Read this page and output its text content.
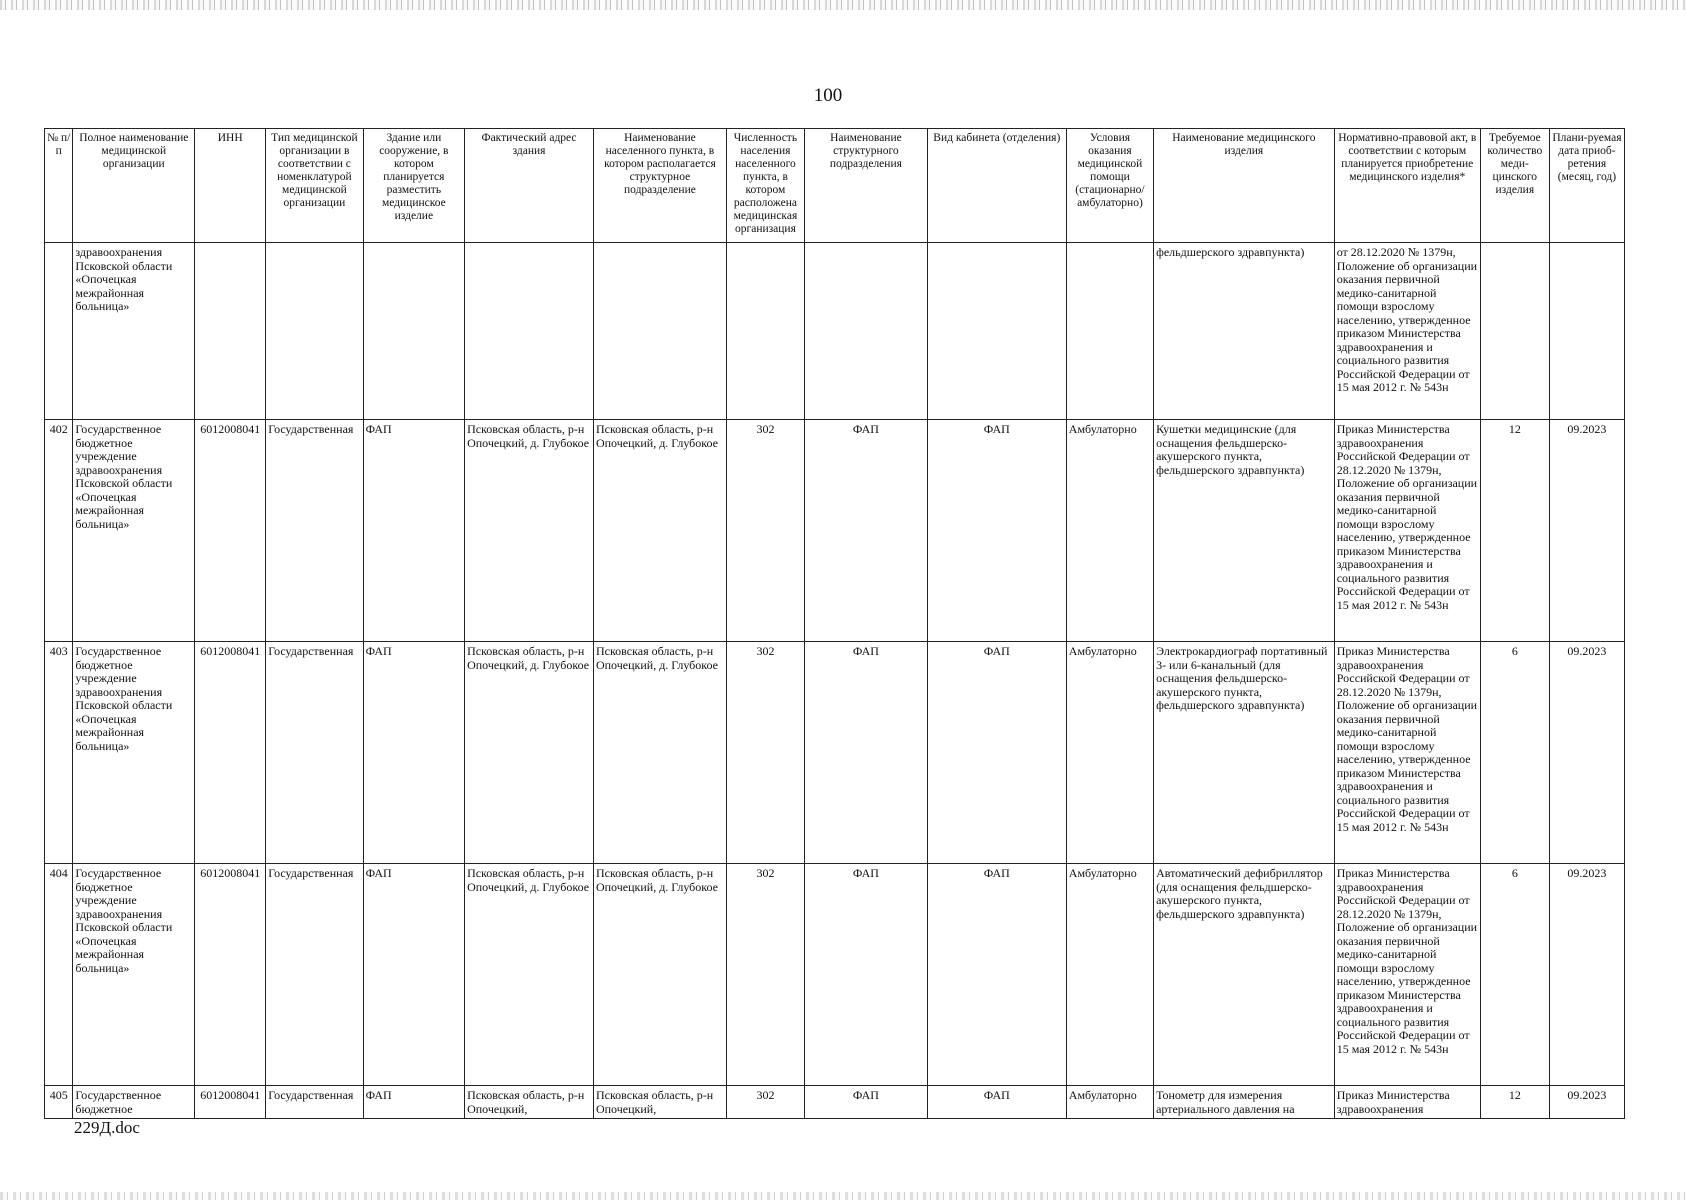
100
№ п/п	Полное наименование медицинской организации	ИНН	Тип медицинской организации в соответствии с номенклатурой медицинской организации	Здание или сооружение, в котором планируется разместить медицинское изделие	Фактический адрес здания	Наименование населенного пункта, в котором располагается структурное подразделение	Численность населения населенного пункта, в котором расположена медицинская организация	Наименование структурного подразделения	Вид кабинета (отделения)	Условия оказания медицинской помощи (стационарно/ амбулаторно)	Наименование медицинского изделия	Нормативно-правовой акт, в соответствии с которым планируется приобретение медицинского изделия*	Требуемое количество меди-цинского изделия	Плани-руемая дата приоб-ретения (месяц, год)
	здравоохранения Псковской области «Опочецкая межрайонная больница»										фельдшерского здравпункта)	от 28.12.2020 № 1379н, Положение об организации оказания первичной медико-санитарной помощи взрослому населению, утвержденное приказом Министерства здравоохранения и социального развития Российской Федерации от 15 мая 2012 г. № 543н		
402	Государственное бюджетное учреждение здравоохранения Псковской области «Опочецкая межрайонная больница»	6012008041	Государственная	ФАП	Псковская область, р-н Опочецкий, д. Глубокое	Псковская область, р-н Опочецкий, д. Глубокое	302	ФАП	ФАП	Амбулаторно	Кушетки медицинские (для оснащения фельдшерско-акушерского пункта, фельдшерского здравпункта)	Приказ Министерства здравоохранения Российской Федерации от 28.12.2020 № 1379н, Положение об организации оказания первичной медико-санитарной помощи взрослому населению, утвержденное приказом Министерства здравоохранения и социального развития Российской Федерации от 15 мая 2012 г. № 543н	12	09.2023
403	Государственное бюджетное учреждение здравоохранения Псковской области «Опочецкая межрайонная больница»	6012008041	Государственная	ФАП	Псковская область, р-н Опочецкий, д. Глубокое	Псковская область, р-н Опочецкий, д. Глубокое	302	ФАП	ФАП	Амбулаторно	Электрокардиограф портативный 3- или 6-канальный (для оснащения фельдшерско-акушерского пункта, фельдшерского здравпункта)	Приказ Министерства здравоохранения Российской Федерации от 28.12.2020 № 1379н, Положение об организации оказания первичной медико-санитарной помощи взрослому населению, утвержденное приказом Министерства здравоохранения и социального развития Российской Федерации от 15 мая 2012 г. № 543н	6	09.2023
404	Государственное бюджетное учреждение здравоохранения Псковской области «Опочецкая межрайонная больница»	6012008041	Государственная	ФАП	Псковская область, р-н Опочецкий, д. Глубокое	Псковская область, р-н Опочецкий, д. Глубокое	302	ФАП	ФАП	Амбулаторно	Автоматический дефибриллятор (для оснащения фельдшерско-акушерского пункта, фельдшерского здравпункта)	Приказ Министерства здравоохранения Российской Федерации от 28.12.2020 № 1379н, Положение об организации оказания первичной медико-санитарной помощи взрослому населению, утвержденное приказом Министерства здравоохранения и социального развития Российской Федерации от 15 мая 2012 г. № 543н	6	09.2023
405	Государственное бюджетное	6012008041	Государственная	ФАП	Псковская область, р-н Опочецкий,	Псковская область, р-н Опочецкий,	302	ФАП	ФАП	Амбулаторно	Тонометр для измерения артериального давления на	Приказ Министерства здравоохранения	12	09.2023
229Д.doc
